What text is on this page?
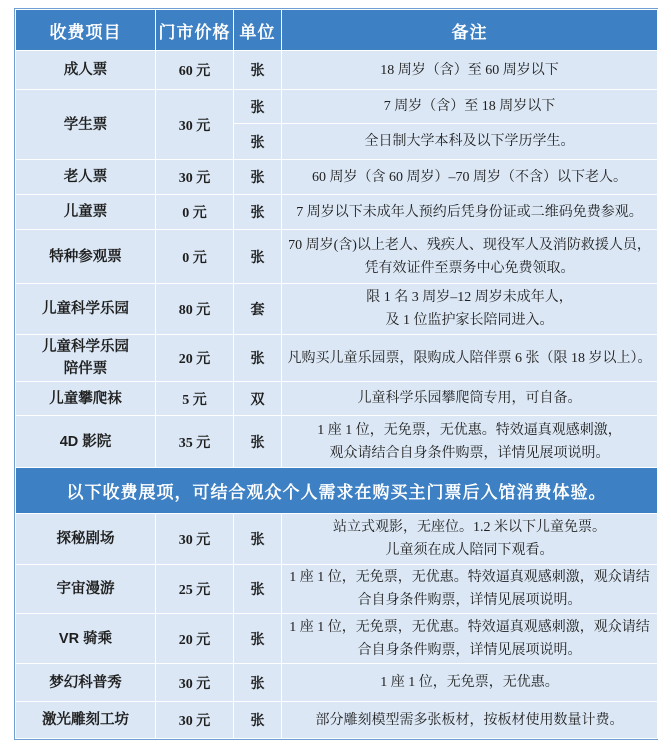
收费项目	门市价格	单位	备注
成人票	60 元	张	18 周岁（含）至 60 周岁以下

学生票	30 元	张	7 周岁（含）至 18 周岁以下

		张	全日制大学本科及以下学历学生。

老人票	30 元	张	60 周岁（含 60 周岁）–70 周岁（不含）以下老人。

儿童票	0 元	张	7 周岁以下未成年人预约后凭身份证或二维码免费参观。

特种参观票	0 元	张	70 周岁(含)以上老人、残疾人、现役军人及消防救援人员，
凭有效证件至票务中心免费领取。

儿童科学乐园	80 元	套	限 1 名 3 周岁–12 周岁未成年人，
及 1 位监护家长陪同进入。

儿童科学乐园
陪伴票	20 元	张	凡购买儿童乐园票，限购成人陪伴票 6 张（限 18 岁以上）。

儿童攀爬袜	5 元	双	儿童科学乐园攀爬筒专用，可自备。

4D 影院	35 元	张	1 座 1 位，无免票，无优惠。特效逼真观感刺激，
观众请结合自身条件购票，详情见展项说明。

以下收费展项，可结合观众个人需求在购买主门票后入馆消费体验。			
探秘剧场	30 元	张	站立式观影，无座位。1.2 米以下儿童免票。
儿童须在成人陪同下观看。

宇宙漫游	25 元	张	1 座 1 位，无免票，无优惠。特效逼真观感刺激，观众请结
合自身条件购票，详情见展项说明。

VR 骑乘	20 元	张	1 座 1 位，无免票，无优惠。特效逼真观感刺激，观众请结
合自身条件购票，详情见展项说明。

梦幻科普秀	30 元	张	1 座 1 位，无免票，无优惠。

激光雕刻工坊	30 元	张	部分雕刻模型需多张板材，按板材使用数量计费。
